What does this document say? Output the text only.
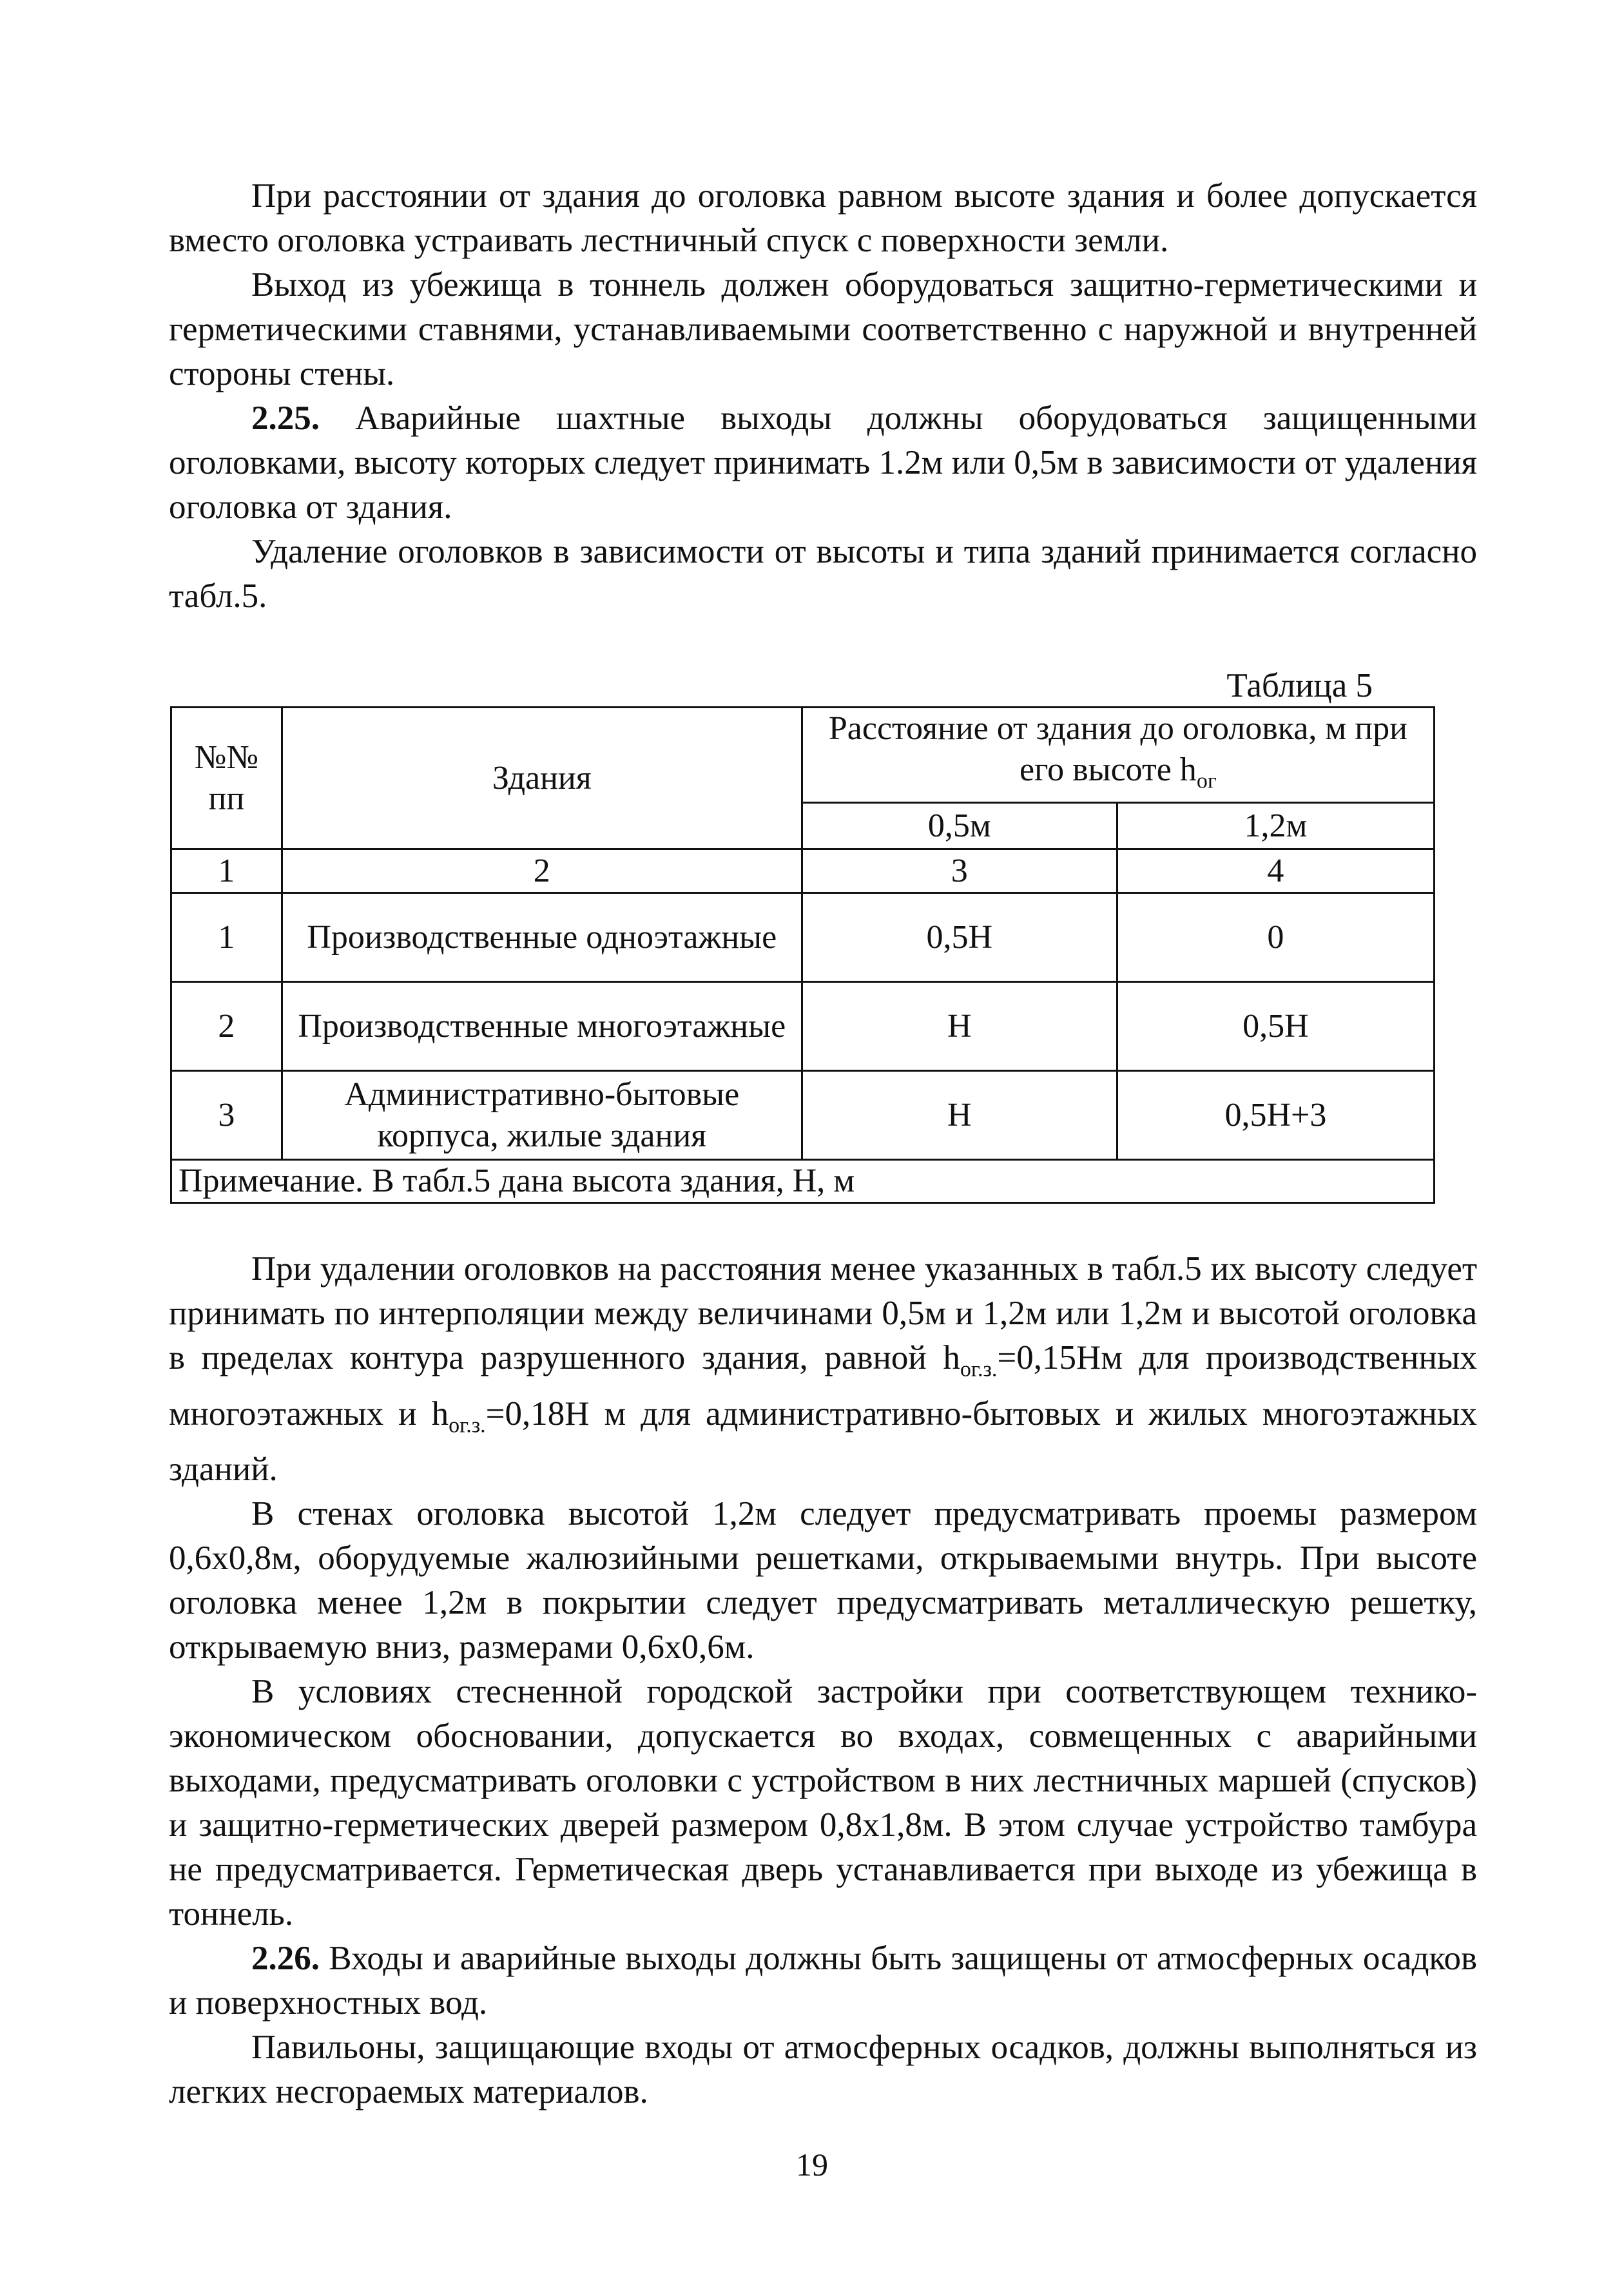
При расстоянии от здания до оголовка равном высоте здания и более допускается вместо оголовка устраивать лестничный спуск с поверхности земли.

Выход из убежища в тоннель должен оборудоваться защитно-герметическими и герметическими ставнями, устанавливаемыми соответственно с наружной и внутренней стороны стены.

2.25. Аварийные шахтные выходы должны оборудоваться защищенными оголовками, высоту которых следует принимать 1.2м или 0,5м в зависимости от удаления оголовка от здания.

Удаление оголовков в зависимости от высоты и типа зданий принимается согласно табл.5.

Таблица 5
№№ пп	Здания	Расстояние от здания до оголовка, м при его высоте $h_{ог}$
		0,5м	1,2м
1	2	3	4
1	Производственные одноэтажные	0,5Н	0
2	Производственные многоэтажные	Н	0,5Н
3	Административно-бытовые корпуса, жилые здания	Н	0,5Н+3
Примечание. В табл.5 дана высота здания, Н, м			

При удалении оголовков на расстояния менее указанных в табл.5 их высоту следует принимать по интерполяции между величинами 0,5м и 1,2м или 1,2м и высотой оголовка в пределах контура разрушенного здания, равной $h_{ог.з.}=0,15Нм$ для производственных многоэтажных и $h_{ог.з.}=0,18Н$ м для административно-бытовых и жилых многоэтажных зданий.

В стенах оголовка высотой 1,2м следует предусматривать проемы размером 0,6х0,8м, оборудуемые жалюзийными решетками, открываемыми внутрь. При высоте оголовка менее 1,2м в покрытии следует предусматривать металлическую решетку, открываемую вниз, размерами 0,6х0,6м.

В условиях стесненной городской застройки при соответствующем технико-экономическом обосновании, допускается во входах, совмещенных с аварийными выходами, предусматривать оголовки с устройством в них лестничных маршей (спусков) и защитно-герметических дверей размером 0,8х1,8м. В этом случае устройство тамбура не предусматривается. Герметическая дверь устанавливается при выходе из убежища в тоннель.

2.26. Входы и аварийные выходы должны быть защищены от атмосферных осадков и поверхностных вод.

Павильоны, защищающие входы от атмосферных осадков, должны выполняться из легких несгораемых материалов.

19
